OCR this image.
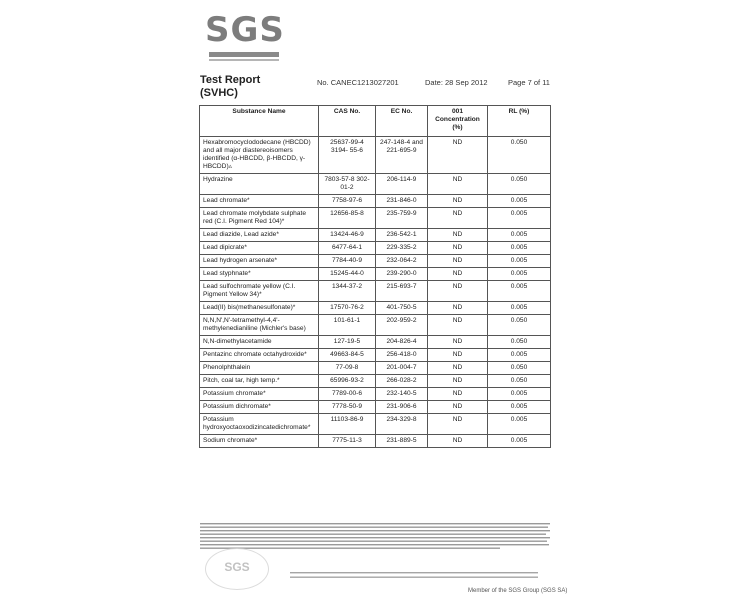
SGS
Test Report
(SVHC)
No. CANEC1213027201	Date: 28 Sep 2012	Page 7 of 11
Substance Name	CAS No.	EC No.	001 Concentration (%)	RL (%)
Hexabromocyclododecane (HBCDD) and all major diastereoisomers identified (α-HBCDD, β-HBCDD, γ-HBCDD)▵	25637-99-4 3194- 55-6	247-148-4 and 221-695-9	ND	0.050
Hydrazine	7803-57-8 302-01-2	206-114-9	ND	0.050
Lead chromate*	7758-97-6	231-846-0	ND	0.005
Lead chromate molybdate sulphate red (C.I. Pigment Red 104)*	12656-85-8	235-759-9	ND	0.005
Lead diazide, Lead azide*	13424-46-9	236-542-1	ND	0.005
Lead dipicrate*	6477-64-1	229-335-2	ND	0.005
Lead hydrogen arsenate*	7784-40-9	232-064-2	ND	0.005
Lead styphnate*	15245-44-0	239-290-0	ND	0.005
Lead sulfochromate yellow (C.I. Pigment Yellow 34)*	1344-37-2	215-693-7	ND	0.005
Lead(II) bis(methanesulfonate)*	17570-76-2	401-750-5	ND	0.005
N,N,N',N'-tetramethyl-4,4'-methylenedianiline (Michler's base)	101-61-1	202-959-2	ND	0.050
N,N-dimethylacetamide	127-19-5	204-826-4	ND	0.050
Pentazinc chromate octahydroxide*	49663-84-5	256-418-0	ND	0.005
Phenolphthalein	77-09-8	201-004-7	ND	0.050
Pitch, coal tar, high temp.*	65996-93-2	266-028-2	ND	0.050
Potassium chromate*	7789-00-6	232-140-5	ND	0.005
Potassium dichromate*	7778-50-9	231-906-6	ND	0.005
Potassium hydroxyoctaoxodizincatedichromate*	11103-86-9	234-329-8	ND	0.005
Sodium chromate*	7775-11-3	231-889-5	ND	0.005
SGS
Member of the SGS Group (SGS SA)
